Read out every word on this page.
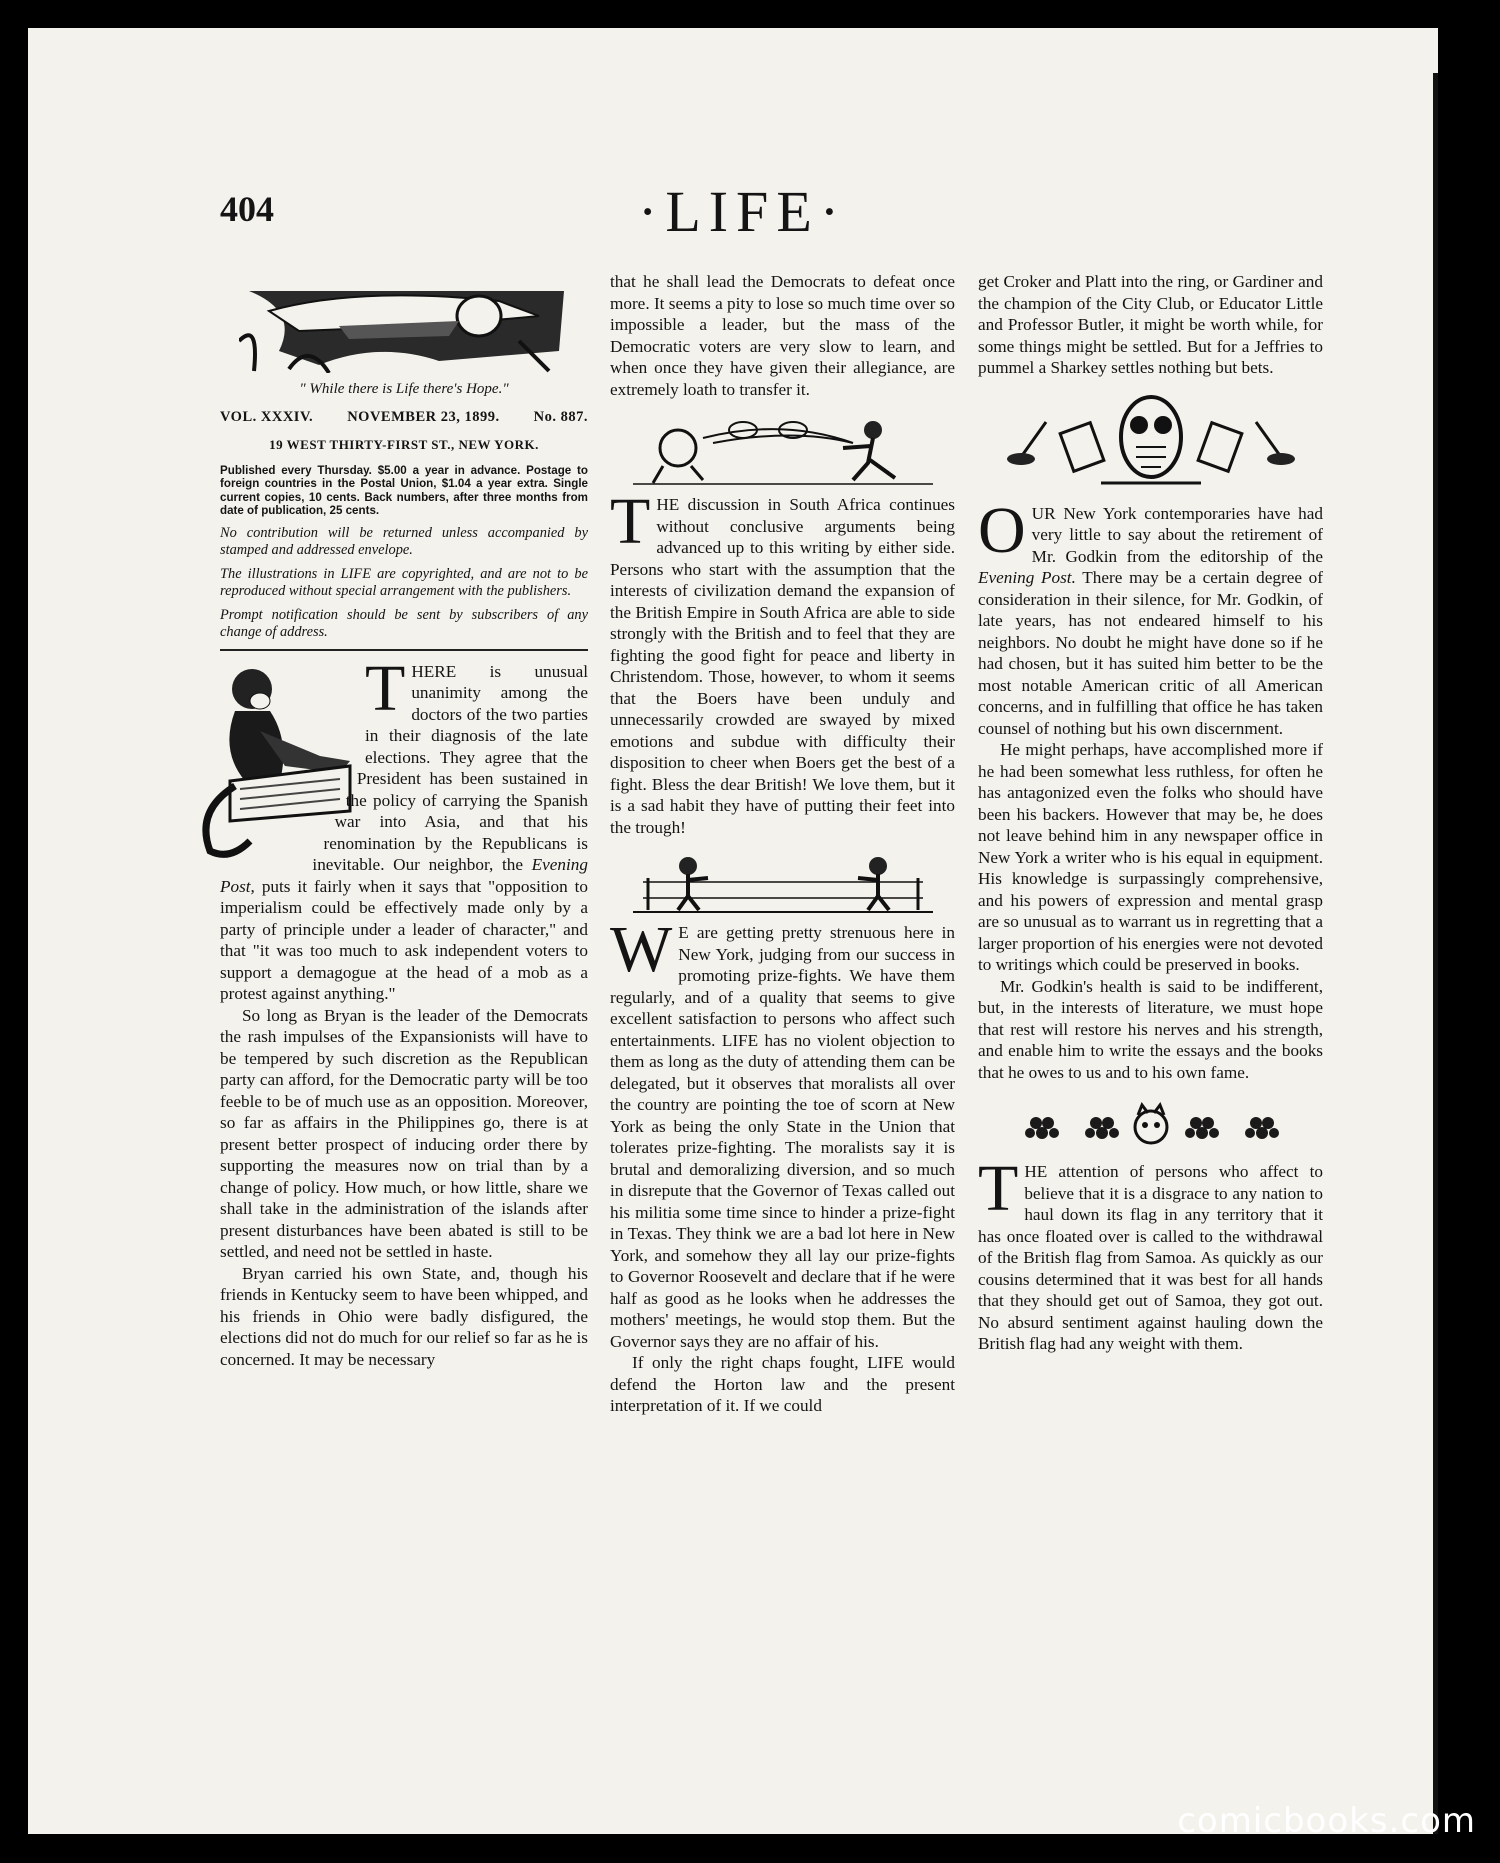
404	·LIFE·
" While there is Life there's Hope."
VOL. XXXIV. NOVEMBER 23, 1899. No. 887.
19 WEST THIRTY-FIRST ST., NEW YORK.
Published every Thursday. $5.00 a year in advance. Postage to foreign countries in the Postal Union, $1.04 a year extra. Single current copies, 10 cents. Back numbers, after three months from date of publication, 25 cents.
No contribution will be returned unless accompanied by stamped and addressed envelope.
The illustrations in LIFE are copyrighted, and are not to be reproduced without special arrangement with the publishers.
Prompt notification should be sent by subscribers of any change of address.

THERE is unusual unanimity among the doctors of the two parties in their diagnosis of the late elections. They agree that the President has been sustained in the policy of carrying the Spanish war into Asia, and that his renomination by the Republicans is inevitable. Our neighbor, the Evening Post, puts it fairly when it says that "opposition to imperialism could be effectively made only by a party of principle under a leader of character," and that "it was too much to ask independent voters to support a demagogue at the head of a mob as a protest against anything."

So long as Bryan is the leader of the Democrats the rash impulses of the Expansionists will have to be tempered by such discretion as the Republican party can afford, for the Democratic party will be too feeble to be of much use as an opposition. Moreover, so far as affairs in the Philippines go, there is at present better prospect of inducing order there by supporting the measures now on trial than by a change of policy. How much, or how little, share we shall take in the administration of the islands after present disturbances have been abated is still to be settled, and need not be settled in haste.

Bryan carried his own State, and, though his friends in Kentucky seem to have been whipped, and his friends in Ohio were badly disfigured, the elections did not do much for our relief so far as he is concerned. It may be necessary

that he shall lead the Democrats to defeat once more. It seems a pity to lose so much time over so impossible a leader, but the mass of the Democratic voters are very slow to learn, and when once they have given their allegiance, are extremely loath to transfer it.

THE discussion in South Africa continues without conclusive arguments being advanced up to this writing by either side. Persons who start with the assumption that the interests of civilization demand the expansion of the British Empire in South Africa are able to side strongly with the British and to feel that they are fighting the good fight for peace and liberty in Christendom. Those, however, to whom it seems that the Boers have been unduly and unnecessarily crowded are swayed by mixed emotions and subdue with difficulty their disposition to cheer when Boers get the best of a fight. Bless the dear British! We love them, but it is a sad habit they have of putting their feet into the trough!

W E are getting pretty strenuous here in New York, judging from our success in promoting prize-fights. We have them regularly, and of a quality that seems to give excellent satisfaction to persons who affect such entertainments. LIFE has no violent objection to them as long as the duty of attending them can be delegated, but it observes that moralists all over the country are pointing the toe of scorn at New York as being the only State in the Union that tolerates prize-fighting. The moralists say it is brutal and demoralizing diversion, and so much in disrepute that the Governor of Texas called out his militia some time since to hinder a prize-fight in Texas. They think we are a bad lot here in New York, and somehow they all lay our prize-fights to Governor Roosevelt and declare that if he were half as good as he looks when he addresses the mothers' meetings, he would stop them. But the Governor says they are no affair of his.

If only the right chaps fought, LIFE would defend the Horton law and the present interpretation of it. If we could

get Croker and Platt into the ring, or Gardiner and the champion of the City Club, or Educator Little and Professor Butler, it might be worth while, for some things might be settled. But for a Jeffries to pummel a Sharkey settles nothing but bets.

OUR New York contemporaries have had very little to say about the retirement of Mr. Godkin from the editorship of the Evening Post. There may be a certain degree of consideration in their silence, for Mr. Godkin, of late years, has not endeared himself to his neighbors. No doubt he might have done so if he had chosen, but it has suited him better to be the most notable American critic of all American concerns, and in fulfilling that office he has taken counsel of nothing but his own discernment.

He might perhaps, have accomplished more if he had been somewhat less ruthless, for often he has antagonized even the folks who should have been his backers. However that may be, he does not leave behind him in any newspaper office in New York a writer who is his equal in equipment. His knowledge is surpassingly comprehensive, and his powers of expression and mental grasp are so unusual as to warrant us in regretting that a larger proportion of his energies were not devoted to writings which could be preserved in books.

Mr. Godkin's health is said to be indifferent, but, in the interests of literature, we must hope that rest will restore his nerves and his strength, and enable him to write the essays and the books that he owes to us and to his own fame.

THE attention of persons who affect to believe that it is a disgrace to any nation to haul down its flag in any territory that it has once floated over is called to the withdrawal of the British flag from Samoa. As quickly as our cousins determined that it was best for all hands that they should get out of Samoa, they got out. No absurd sentiment against hauling down the British flag had any weight with them.

comicbooks.com
